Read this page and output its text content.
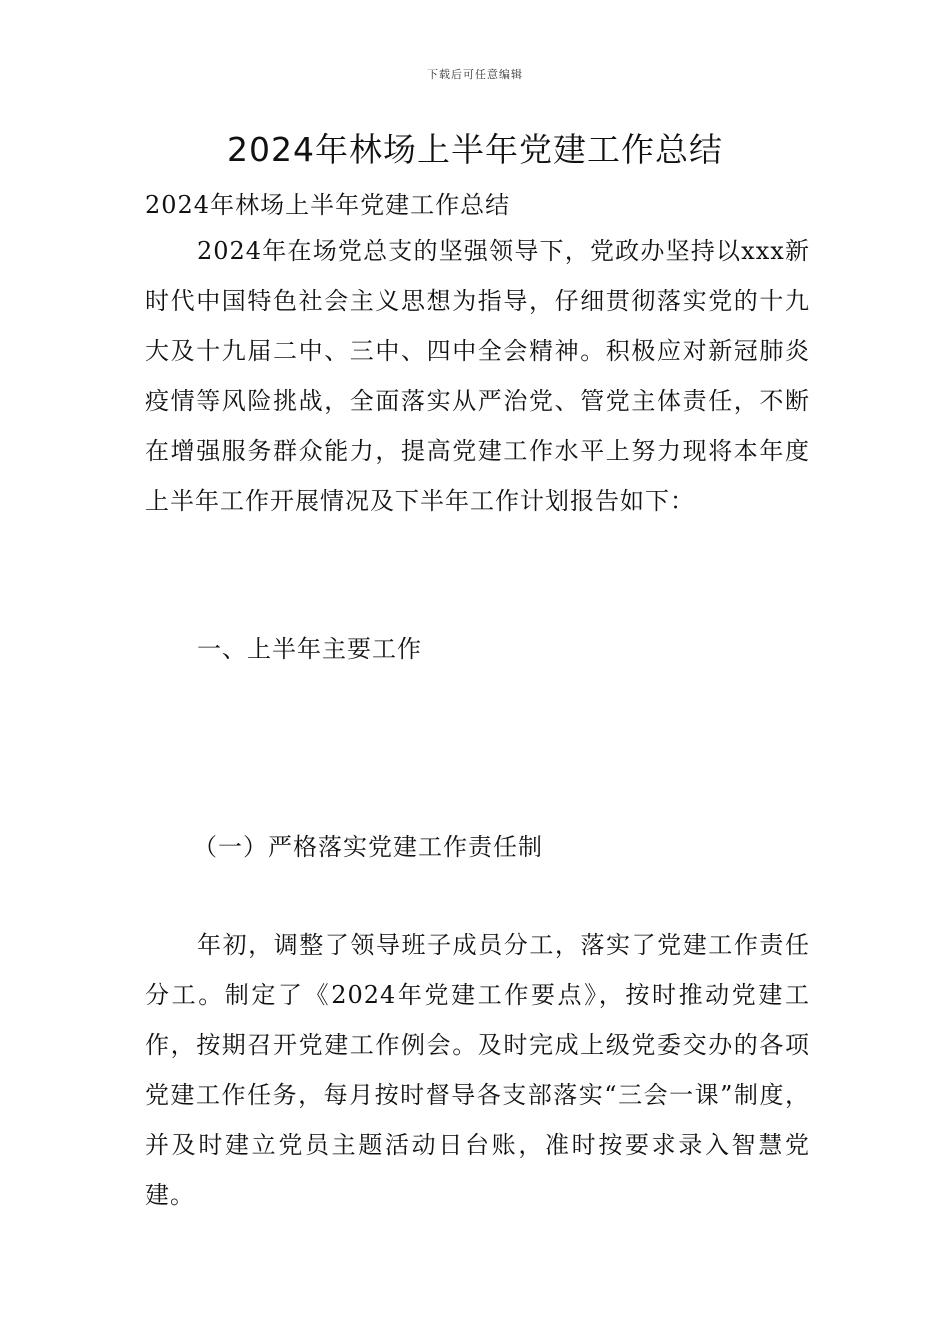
下载后可任意编辑
2024年林场上半年党建工作总结

2024年林场上半年党建工作总结

2024年在场党总支的坚强领导下，党政办坚持以xxx新时代中国特色社会主义思想为指导，仔细贯彻落实党的十九大及十九届二中、三中、四中全会精神。积极应对新冠肺炎疫情等风险挑战，全面落实从严治党、管党主体责任，不断在增强服务群众能力，提高党建工作水平上努力现将本年度上半年工作开展情况及下半年工作计划报告如下：

一、上半年主要工作

（一）严格落实党建工作责任制

年初，调整了领导班子成员分工，落实了党建工作责任分工。制定了《2024年党建工作要点》，按时推动党建工作，按期召开党建工作例会。及时完成上级党委交办的各项党建工作任务，每月按时督导各支部落实“三会一课”制度，并及时建立党员主题活动日台账，准时按要求录入智慧党建。
